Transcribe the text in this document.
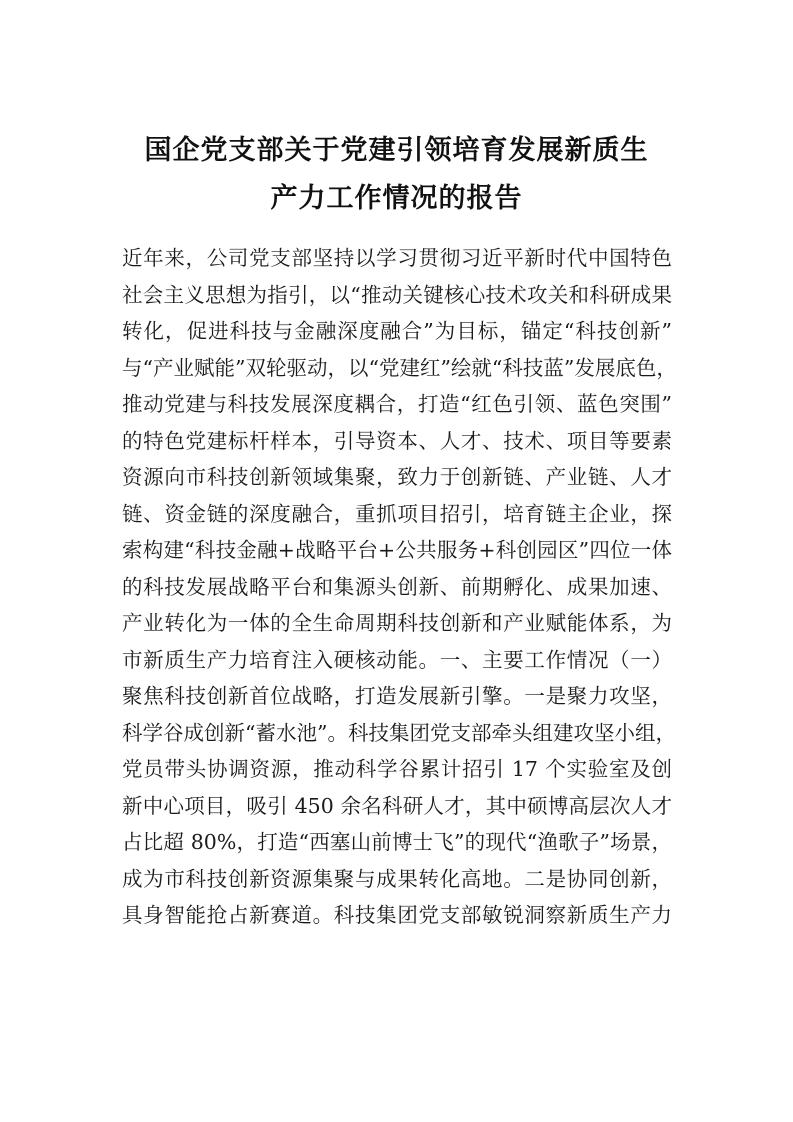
国企党支部关于党建引领培育发展新质生
产力工作情况的报告
近年来，公司党支部坚持以学习贯彻习近平新时代中国特色
社会主义思想为指引，以“推动关键核心技术攻关和科研成果
转化，促进科技与金融深度融合”为目标，锚定“科技创新”
与“产业赋能”双轮驱动，以“党建红”绘就“科技蓝”发展底色，
推动党建与科技发展深度耦合，打造“红色引领、蓝色突围”
的特色党建标杆样本，引导资本、人才、技术、项目等要素
资源向市科技创新领域集聚，致力于创新链、产业链、人才
链、资金链的深度融合，重抓项目招引，培育链主企业，探
索构建“科技金融+战略平台+公共服务+科创园区”四位一体
的科技发展战略平台和集源头创新、前期孵化、成果加速、
产业转化为一体的全生命周期科技创新和产业赋能体系，为
市新质生产力培育注入硬核动能。一、主要工作情况（一）
聚焦科技创新首位战略，打造发展新引擎。一是聚力攻坚，
科学谷成创新“蓄水池”。科技集团党支部牵头组建攻坚小组，
党员带头协调资源，推动科学谷累计招引 17 个实验室及创
新中心项目，吸引 450 余名科研人才，其中硕博高层次人才
占比超 80%，打造“西塞山前博士飞”的现代“渔歌子”场景，
成为市科技创新资源集聚与成果转化高地。二是协同创新，
具身智能抢占新赛道。科技集团党支部敏锐洞察新质生产力
